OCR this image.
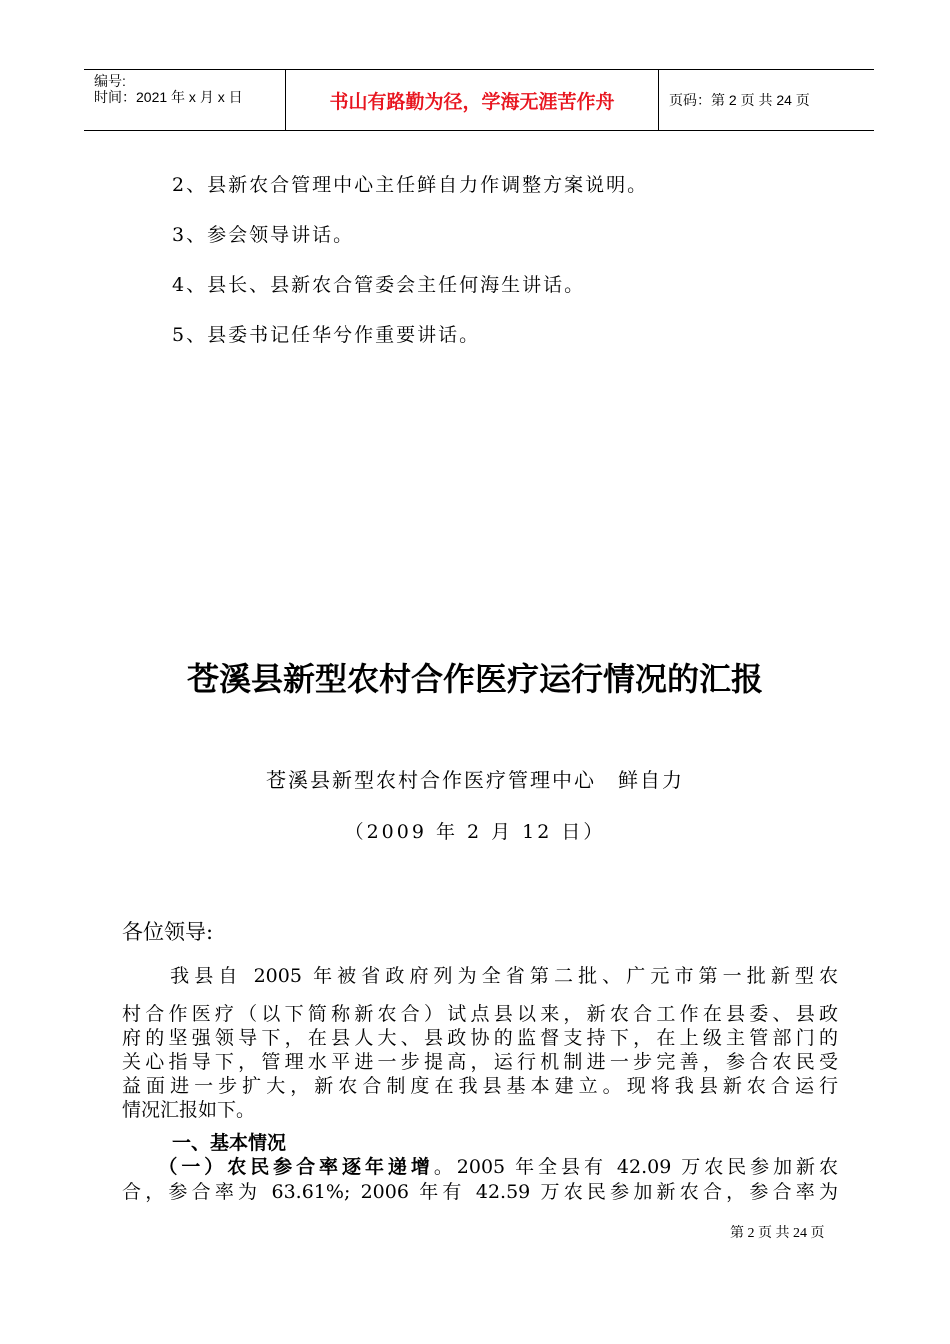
编号:
时间：2021 年 x 月 x 日	书山有路勤为径，学海无涯苦作舟	页码：第 2 页 共 24 页
2、县新农合管理中心主任鲜自力作调整方案说明。
3、参会领导讲话。
4、县长、县新农合管委会主任何海生讲话。
5、县委书记任华兮作重要讲话。
苍溪县新型农村合作医疗运行情况的汇报
苍溪县新型农村合作医疗管理中心　鲜自力
（2009 年 2 月 12 日）
各位领导:
　　我县自 2005 年被省政府列为全省第二批、广元市第一批新型农
村合作医疗（以下简称新农合）试点县以来，新农合工作在县委、县政
府的坚强领导下，在县人大、县政协的监督支持下，在上级主管部门的
关心指导下，管理水平进一步提高，运行机制进一步完善，参合农民受
益面进一步扩大，新农合制度在我县基本建立。现将我县新农合运行
情况汇报如下。
一、基本情况
　　（一）农民参合率逐年递增。2005 年全县有 42.09 万农民参加新农
合，参合率为 63.61%; 2006 年有 42.59 万农民参加新农合，参合率为
第 2 页 共 24 页
